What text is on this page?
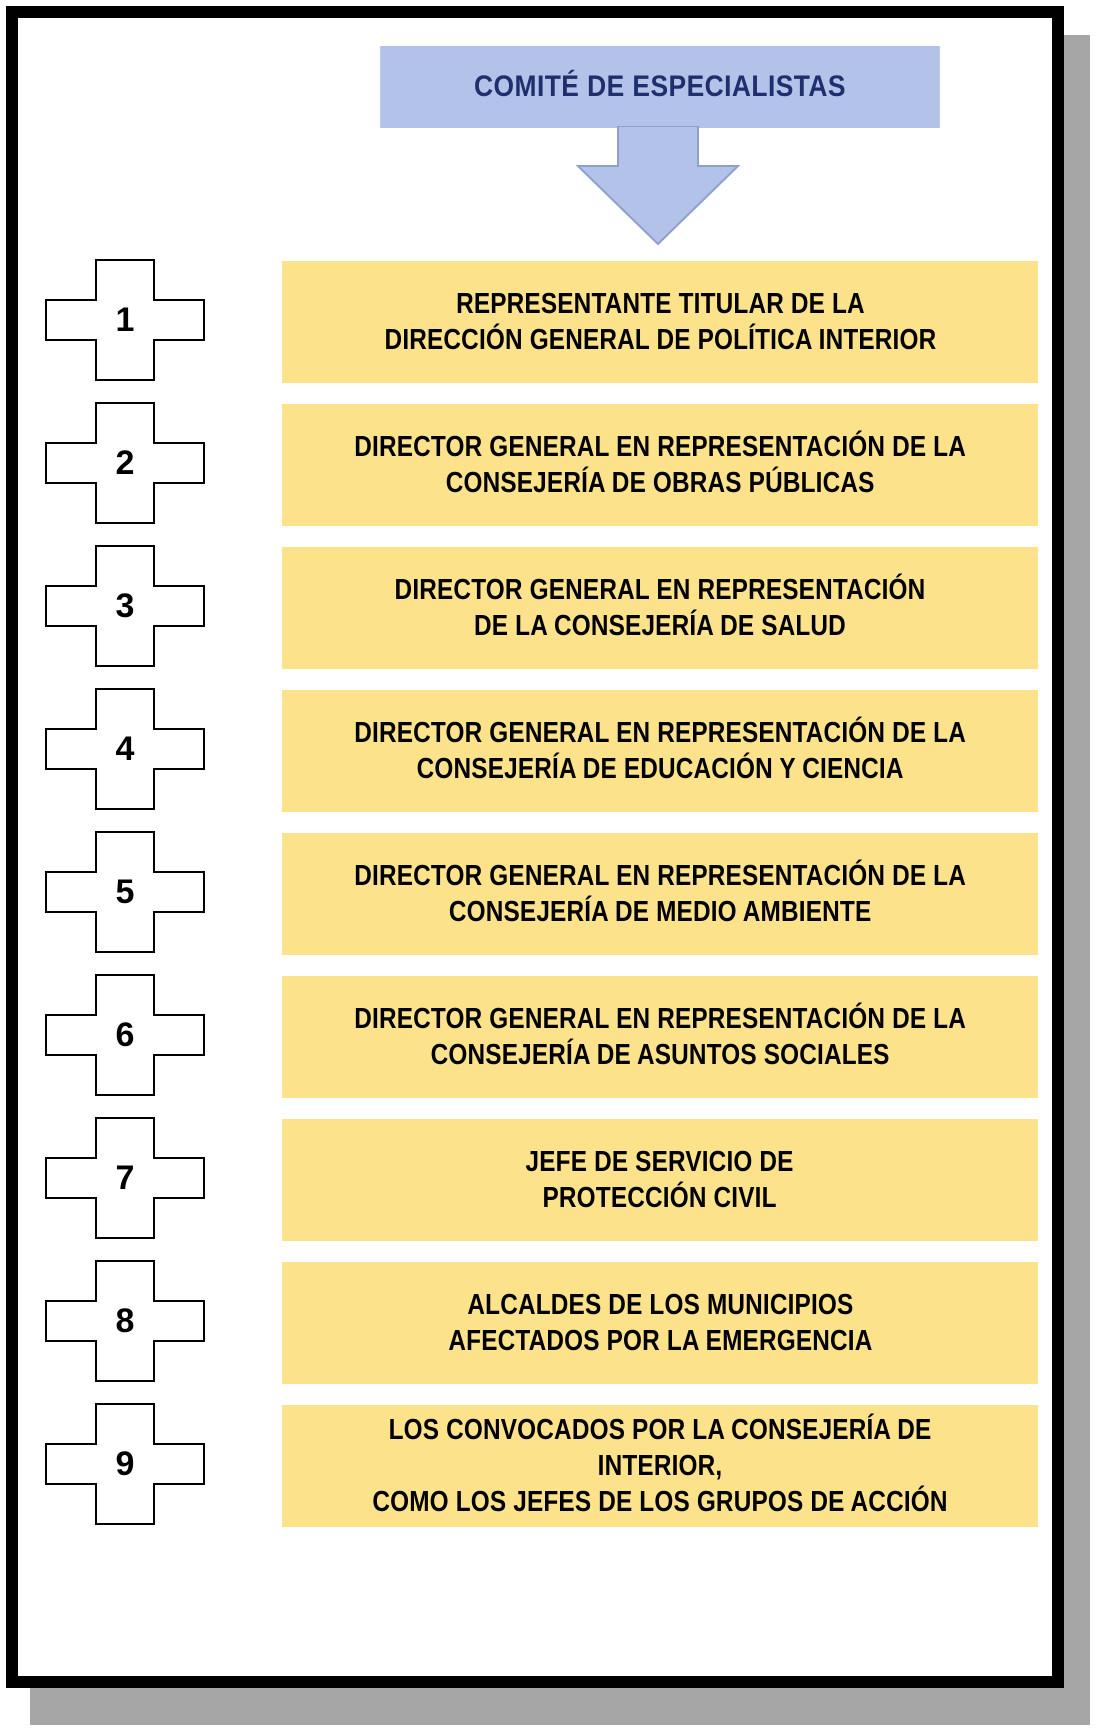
COMITÉ DE ESPECIALISTAS
1	REPRESENTANTE TITULAR DE LA
DIRECCIÓN GENERAL DE POLÍTICA INTERIOR
2	DIRECTOR GENERAL EN REPRESENTACIÓN DE LA
CONSEJERÍA DE OBRAS PÚBLICAS
3	DIRECTOR GENERAL EN REPRESENTACIÓN
DE LA CONSEJERÍA DE SALUD
4	DIRECTOR GENERAL EN REPRESENTACIÓN DE LA
CONSEJERÍA DE EDUCACIÓN Y CIENCIA
5	DIRECTOR GENERAL EN REPRESENTACIÓN DE LA
CONSEJERÍA DE MEDIO AMBIENTE
6	DIRECTOR GENERAL EN REPRESENTACIÓN DE LA
CONSEJERÍA DE ASUNTOS SOCIALES
7	JEFE DE SERVICIO DE
PROTECCIÓN CIVIL
8	ALCALDES DE LOS MUNICIPIOS
AFECTADOS POR LA EMERGENCIA
9
LOS CONVOCADOS POR LA CONSEJERÍA DE INTERIOR,
COMO LOS JEFES DE LOS GRUPOS DE ACCIÓN
